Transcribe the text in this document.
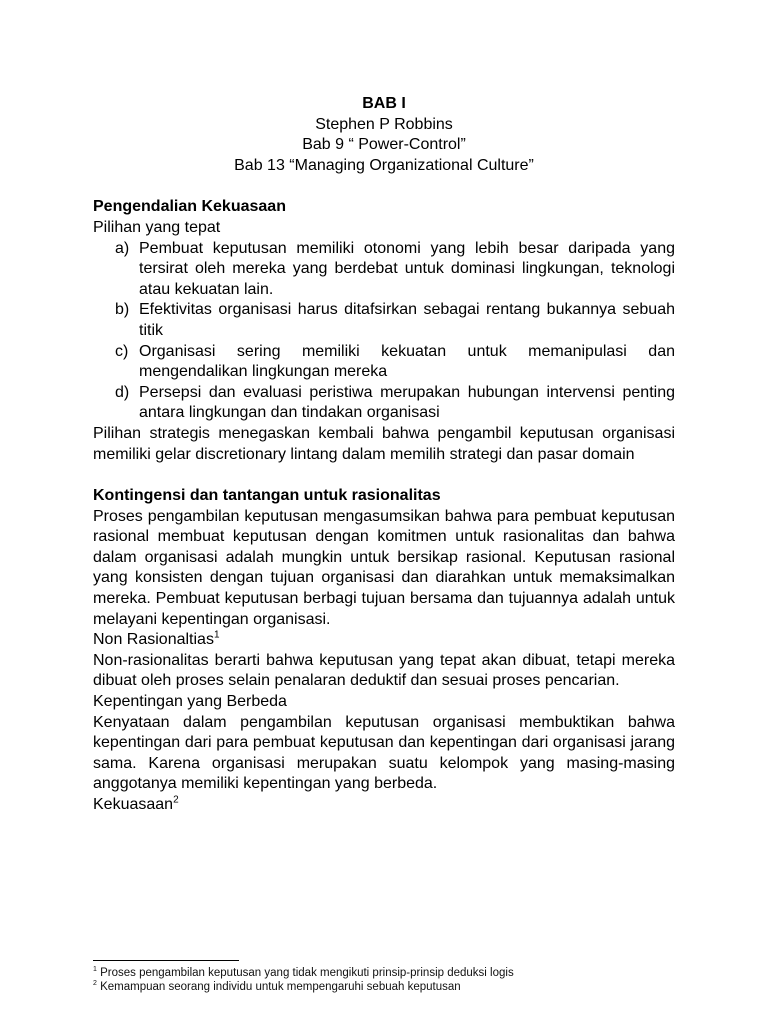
BAB I
Stephen P Robbins
Bab 9 “ Power-Control”
Bab 13 “Managing Organizational Culture”
Pengendalian Kekuasaan
Pilihan yang tepat
a) Pembuat keputusan memiliki otonomi yang lebih besar daripada yang tersirat oleh mereka yang berdebat untuk dominasi lingkungan, teknologi atau kekuatan lain.
b) Efektivitas organisasi harus ditafsirkan sebagai rentang bukannya sebuah titik
c) Organisasi sering memiliki kekuatan untuk memanipulasi dan mengendalikan lingkungan mereka
d) Persepsi dan evaluasi peristiwa merupakan hubungan intervensi penting antara lingkungan dan tindakan organisasi
Pilihan strategis menegaskan kembali bahwa pengambil keputusan organisasi memiliki gelar discretionary lintang dalam memilih strategi dan pasar domain
Kontingensi dan tantangan untuk rasionalitas
Proses pengambilan keputusan mengasumsikan bahwa para pembuat keputusan rasional membuat keputusan dengan komitmen untuk rasionalitas dan bahwa dalam organisasi adalah mungkin untuk bersikap rasional. Keputusan rasional yang konsisten dengan tujuan organisasi dan diarahkan untuk memaksimalkan mereka. Pembuat keputusan berbagi tujuan bersama dan tujuannya adalah untuk melayani kepentingan organisasi.
Non Rasionaltias$^1$
Non-rasionalitas berarti bahwa keputusan yang tepat akan dibuat, tetapi mereka dibuat oleh proses selain penalaran deduktif dan sesuai proses pencarian.
Kepentingan yang Berbeda
Kenyataan dalam pengambilan keputusan organisasi membuktikan bahwa kepentingan dari para pembuat keputusan dan kepentingan dari organisasi jarang sama. Karena organisasi merupakan suatu kelompok yang masing-masing anggotanya memiliki kepentingan yang berbeda.
Kekuasaan$^2$
$^1$ Proses pengambilan keputusan yang tidak mengikuti prinsip-prinsip deduksi logis
$^2$ Kemampuan seorang individu untuk mempengaruhi sebuah keputusan
